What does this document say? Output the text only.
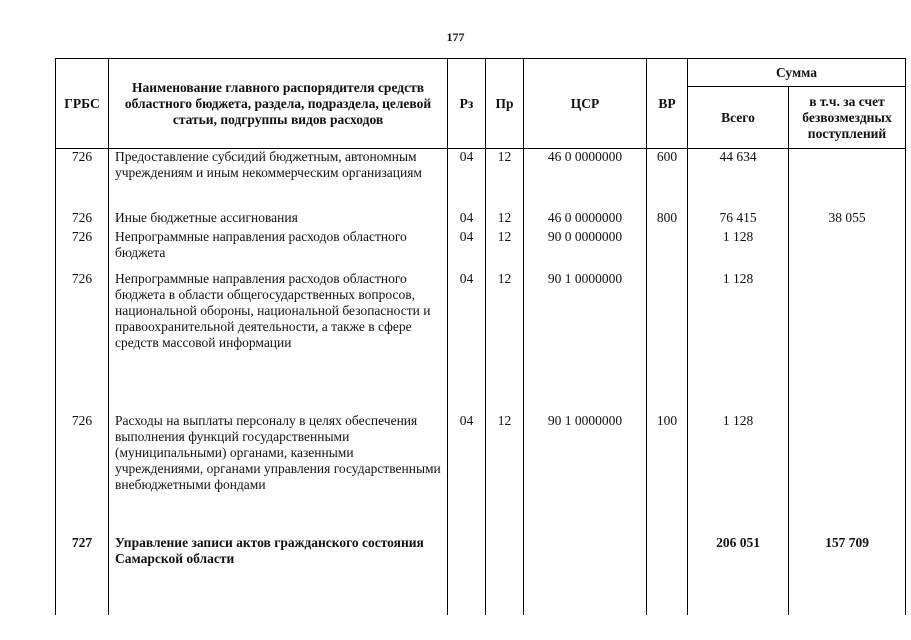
177
ГРБС	Наименование главного распорядителя средств областного бюджета, раздела, подраздела, целевой статьи, подгруппы видов расходов	Рз	Пр	ЦСР	ВР	Сумма	
						Всего	в т.ч. за счет безвозмездных поступлений
726	Предоставление субсидий бюджетным, автономным учреждениям и иным некоммерческим организациям	04	12	46 0 0000000	600	44 634	
726	Иные бюджетные ассигнования	04	12	46 0 0000000	800	76 415	38 055
726	Непрограммные направления расходов областного бюджета	04	12	90 0 0000000		1 128	
726	Непрограммные направления расходов областного бюджета в области общегосударственных вопросов, национальной обороны, национальной безопасности и правоохранительной деятельности, а также в сфере средств массовой информации	04	12	90 1 0000000		1 128	
726	Расходы на выплаты персоналу в целях обеспечения выполнения функций государственными (муниципальными) органами, казенными учреждениями, органами управления государственными внебюджетными фондами	04	12	90 1 0000000	100	1 128	
727	Управление записи актов гражданского состояния Самарской области					206 051	157 709
